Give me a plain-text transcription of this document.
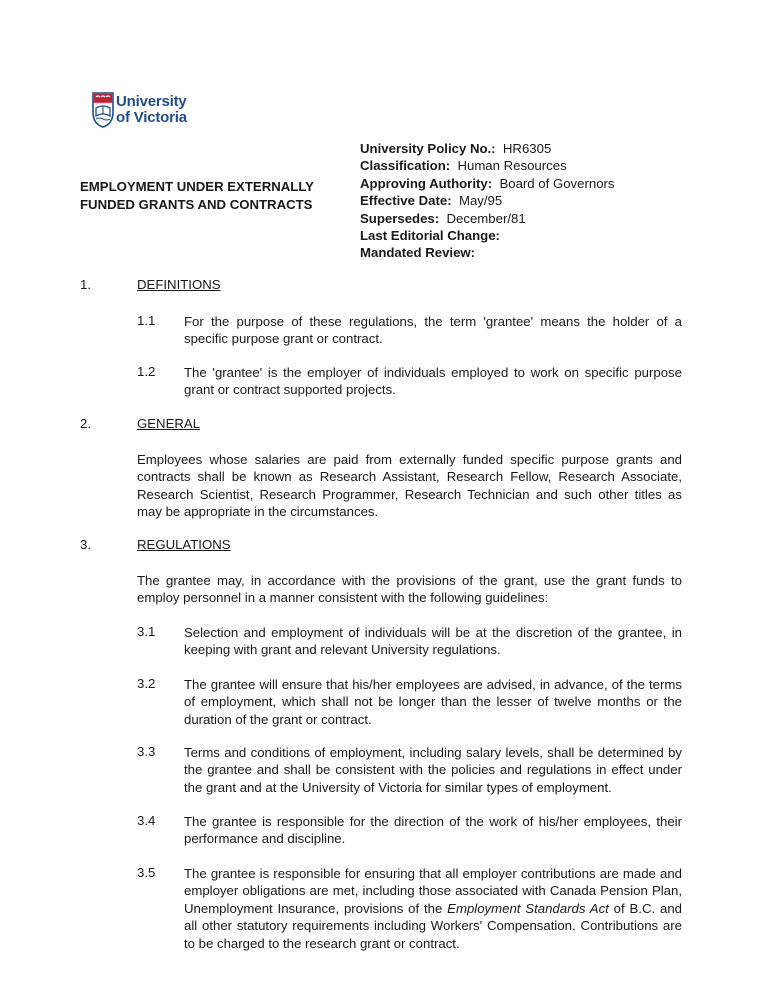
University
of Victoria
EMPLOYMENT UNDER EXTERNALLY
FUNDED GRANTS AND CONTRACTS
University Policy No.: HR6305
Classification: Human Resources
Approving Authority: Board of Governors
Effective Date: May/95
Supersedes: December/81
Last Editorial Change:
Mandated Review:
1.	DEFINITIONS
1.1 For the purpose of these regulations, the term 'grantee' means the holder of a specific purpose grant or contract.
1.2 The 'grantee' is the employer of individuals employed to work on specific purpose grant or contract supported projects.
2.	GENERAL
Employees whose salaries are paid from externally funded specific purpose grants and contracts shall be known as Research Assistant, Research Fellow, Research Associate, Research Scientist, Research Programmer, Research Technician and such other titles as may be appropriate in the circumstances.
3.	REGULATIONS
The grantee may, in accordance with the provisions of the grant, use the grant funds to employ personnel in a manner consistent with the following guidelines:
3.1 Selection and employment of individuals will be at the discretion of the grantee, in keeping with grant and relevant University regulations.
3.2 The grantee will ensure that his/her employees are advised, in advance, of the terms of employment, which shall not be longer than the lesser of twelve months or the duration of the grant or contract.
3.3 Terms and conditions of employment, including salary levels, shall be determined by the grantee and shall be consistent with the policies and regulations in effect under the grant and at the University of Victoria for similar types of employment.
3.4 The grantee is responsible for the direction of the work of his/her employees, their performance and discipline.
3.5 The grantee is responsible for ensuring that all employer contributions are made and employer obligations are met, including those associated with Canada Pension Plan, Unemployment Insurance, provisions of the Employment Standards Act of B.C. and all other statutory requirements including Workers' Compensation. Contributions are to be charged to the research grant or contract.
